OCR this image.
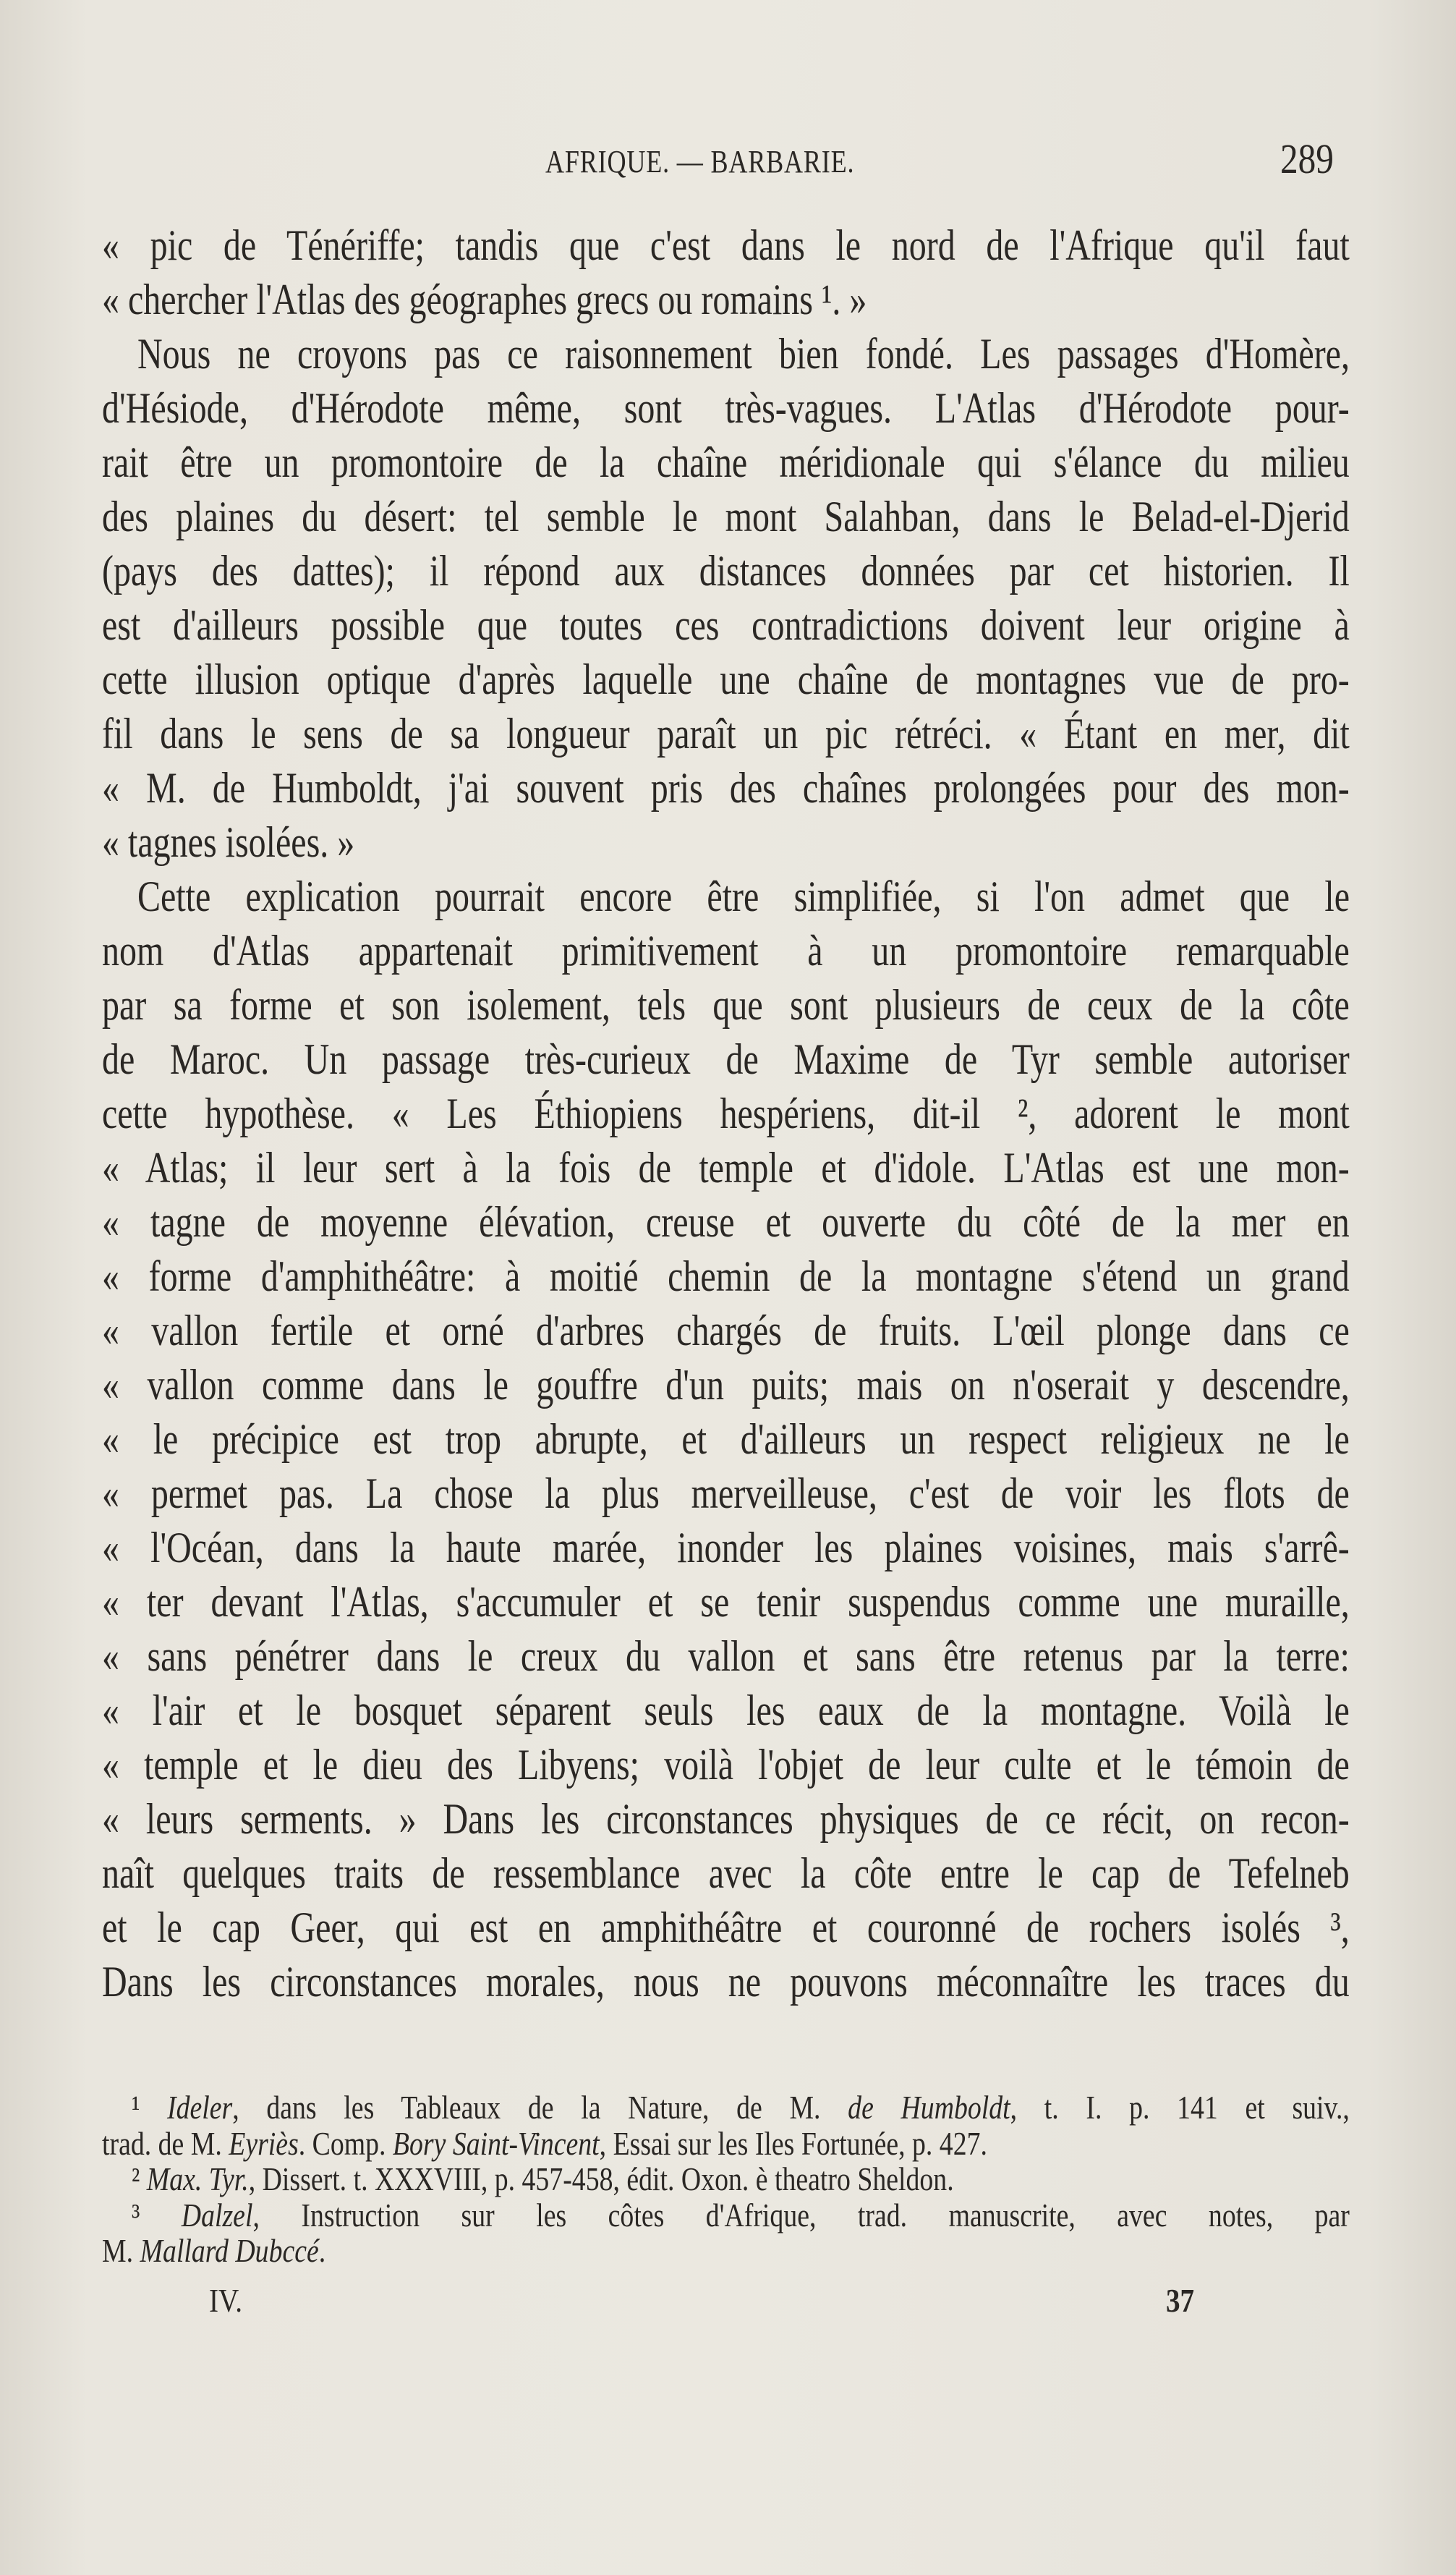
AFRIQUE. — BARBARIE.	289
« pic de Ténériffe; tandis que c'est dans le nord de l'Afrique qu'il faut
« chercher l'Atlas des géographes grecs ou romains ¹. »
Nous ne croyons pas ce raisonnement bien fondé. Les passages d'Homère,
d'Hésiode, d'Hérodote même, sont très-vagues. L'Atlas d'Hérodote pour-
rait être un promontoire de la chaîne méridionale qui s'élance du milieu
des plaines du désert: tel semble le mont Salahban, dans le Belad-el-Djerid
(pays des dattes); il répond aux distances données par cet historien. Il
est d'ailleurs possible que toutes ces contradictions doivent leur origine à
cette illusion optique d'après laquelle une chaîne de montagnes vue de pro-
fil dans le sens de sa longueur paraît un pic rétréci. « Étant en mer, dit
« M. de Humboldt, j'ai souvent pris des chaînes prolongées pour des mon-
« tagnes isolées. »
Cette explication pourrait encore être simplifiée, si l'on admet que le
nom d'Atlas appartenait primitivement à un promontoire remarquable
par sa forme et son isolement, tels que sont plusieurs de ceux de la côte
de Maroc. Un passage très-curieux de Maxime de Tyr semble autoriser
cette hypothèse. « Les Éthiopiens hespériens, dit-il ², adorent le mont
« Atlas; il leur sert à la fois de temple et d'idole. L'Atlas est une mon-
« tagne de moyenne élévation, creuse et ouverte du côté de la mer en
« forme d'amphithéâtre: à moitié chemin de la montagne s'étend un grand
« vallon fertile et orné d'arbres chargés de fruits. L'œil plonge dans ce
« vallon comme dans le gouffre d'un puits; mais on n'oserait y descendre,
« le précipice est trop abrupte, et d'ailleurs un respect religieux ne le
« permet pas. La chose la plus merveilleuse, c'est de voir les flots de
« l'Océan, dans la haute marée, inonder les plaines voisines, mais s'arrê-
« ter devant l'Atlas, s'accumuler et se tenir suspendus comme une muraille,
« sans pénétrer dans le creux du vallon et sans être retenus par la terre:
« l'air et le bosquet séparent seuls les eaux de la montagne. Voilà le
« temple et le dieu des Libyens; voilà l'objet de leur culte et le témoin de
« leurs serments. » Dans les circonstances physiques de ce récit, on recon-
naît quelques traits de ressemblance avec la côte entre le cap de Tefelneb
et le cap Geer, qui est en amphithéâtre et couronné de rochers isolés ³,
Dans les circonstances morales, nous ne pouvons méconnaître les traces du
¹ Ideler, dans les Tableaux de la Nature, de M. de Humboldt, t. I. p. 141 et suiv.,
trad. de M. Eyriès. Comp. Bory Saint-Vincent, Essai sur les Iles Fortunée, p. 427.
² Max. Tyr., Dissert. t. XXXVIII, p. 457-458, édit. Oxon. è theatro Sheldon.
³ Dalzel, Instruction sur les côtes d'Afrique, trad. manuscrite, avec notes, par
M. Mallard Dubccé.
IV.	37
